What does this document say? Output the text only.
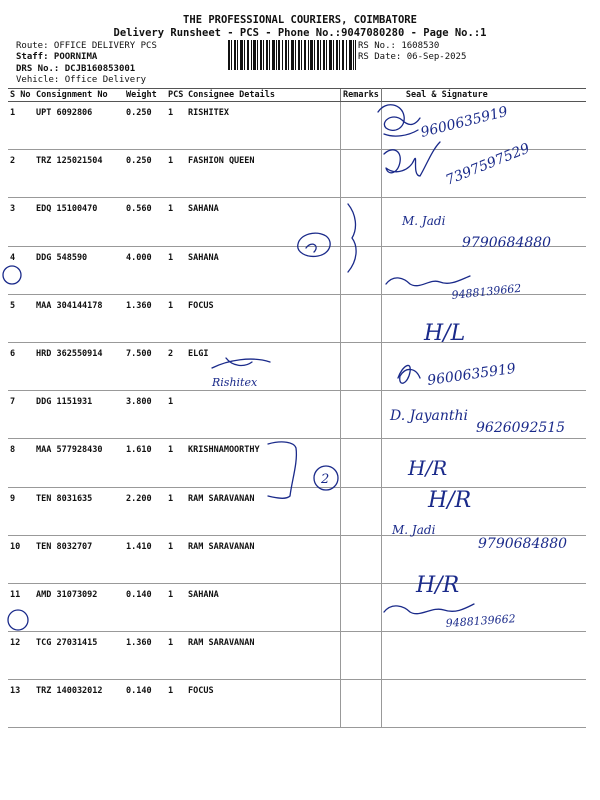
THE PROFESSIONAL COURIERS, COIMBATORE
Delivery Runsheet - PCS - Phone No.:9047080280 - Page No.:1
Route: OFFICE DELIVERY PCS
Staff: POORNIMA
DRS No.: DCJB160853001
Vehicle: Office Delivery
RS No.: 1608530
RS Date: 06-Sep-2025
S No	Consignment No	Weight	PCS	Consignee Details	Remarks	Seal & Signature
1	UPT 6092806	0.250	1	RISHITEX		
2	TRZ 125021504	0.250	1	FASHION QUEEN		
3	EDQ 15100470	0.560	1	SAHANA		
4	DDG 548590	4.000	1	SAHANA		
5	MAA 304144178	1.360	1	FOCUS		
6	HRD 362550914	7.500	2	ELGI		
7	DDG 1151931	3.800	1			
8	MAA 577928430	1.610	1	KRISHNAMOORTHY		
9	TEN 8031635	2.200	1	RAM SARAVANAN		
10	TEN 8032707	1.410	1	RAM SARAVANAN		
11	AMD 31073092	0.140	1	SAHANA		
12	TCG 27031415	1.360	1	RAM SARAVANAN		
13	TRZ 140032012	0.140	1	FOCUS		
9600635919
7397597529
M. Jadi
9790684880
9488139662
H/L
Rishitex	9600635919
D. Jayanthi
9626092515
2	H/R
H/R
M. Jadi
9790684880
H/R
9488139662
